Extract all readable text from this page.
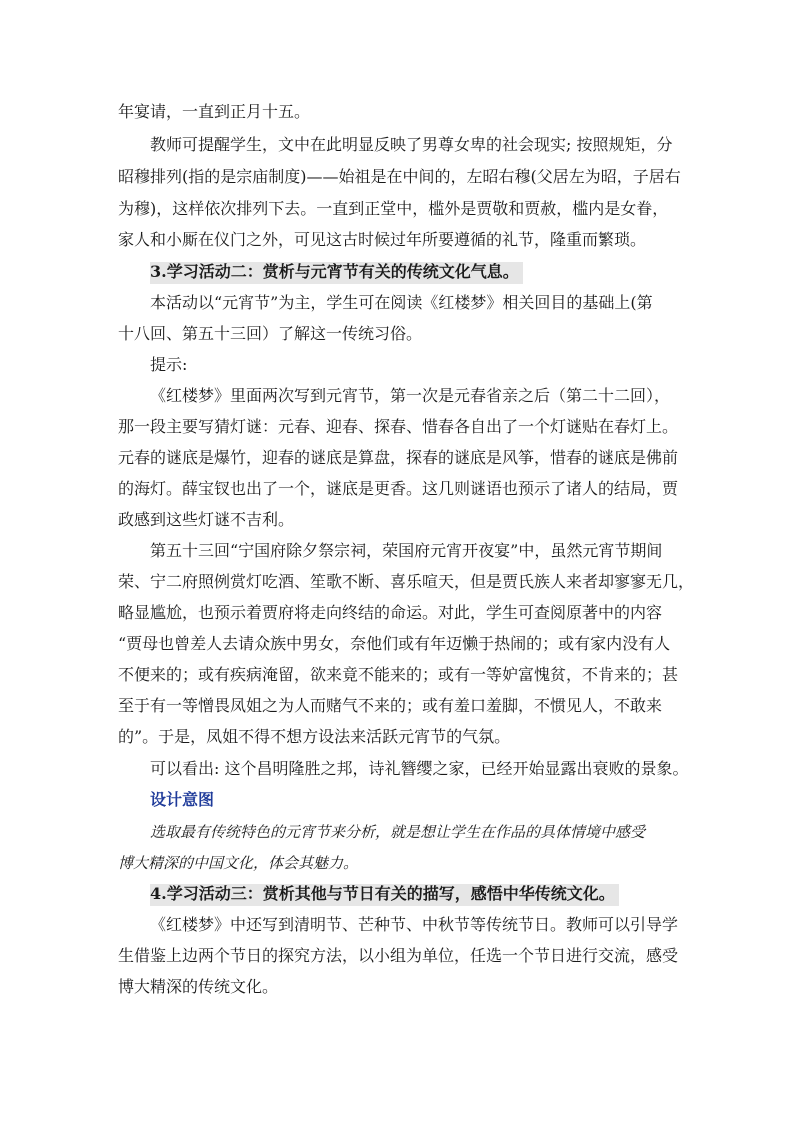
年宴请，一直到正月十五。
教师可提醒学生，文中在此明显反映了男尊女卑的社会现实; 按照规矩，分
昭穆排列(指的是宗庙制度)——始祖是在中间的，左昭右穆(父居左为昭，子居右
为穆)，这样依次排列下去。一直到正堂中，槛外是贾敬和贾赦，槛内是女眷，
家人和小厮在仪门之外，可见这古时候过年所要遵循的礼节，隆重而繁琐。
3.学习活动二：赏析与元宵节有关的传统文化气息。
本活动以“元宵节”为主，学生可在阅读《红楼梦》相关回目的基础上(第
十八回、第五十三回）了解这一传统习俗。
提示:
《红楼梦》里面两次写到元宵节，第一次是元春省亲之后（第二十二回），
那一段主要写猜灯谜：元春、迎春、探春、惜春各自出了一个灯谜贴在春灯上。
元春的谜底是爆竹，迎春的谜底是算盘，探春的谜底是风筝，惜春的谜底是佛前
的海灯。薛宝钗也出了一个，谜底是更香。这几则谜语也预示了诸人的结局，贾
政感到这些灯谜不吉利。
第五十三回“宁国府除夕祭宗祠，荣国府元宵开夜宴”中，虽然元宵节期间
荣、宁二府照例赏灯吃酒、笙歌不断、喜乐喧天，但是贾氏族人来者却寥寥无几，
略显尴尬，也预示着贾府将走向终结的命运。对此，学生可查阅原著中的内容
“贾母也曾差人去请众族中男女，奈他们或有年迈懒于热闹的；或有家内没有人
不便来的；或有疾病淹留，欲来竟不能来的；或有一等妒富愧贫，不肯来的；甚
至于有一等憎畏凤姐之为人而赌气不来的；或有羞口羞脚，不惯见人，不敢来
的”。于是，凤姐不得不想方设法来活跃元宵节的气氛。
可以看出: 这个昌明隆胜之邦，诗礼簪缨之家，已经开始显露出衰败的景象。
设计意图
选取最有传统特色的元宵节来分析，就是想让学生在作品的具体情境中感受
博大精深的中国文化，体会其魅力。
4.学习活动三：赏析其他与节日有关的描写，感悟中华传统文化。
《红楼梦》中还写到清明节、芒种节、中秋节等传统节日。教师可以引导学
生借鉴上边两个节日的探究方法，以小组为单位，任选一个节日进行交流，感受
博大精深的传统文化。
